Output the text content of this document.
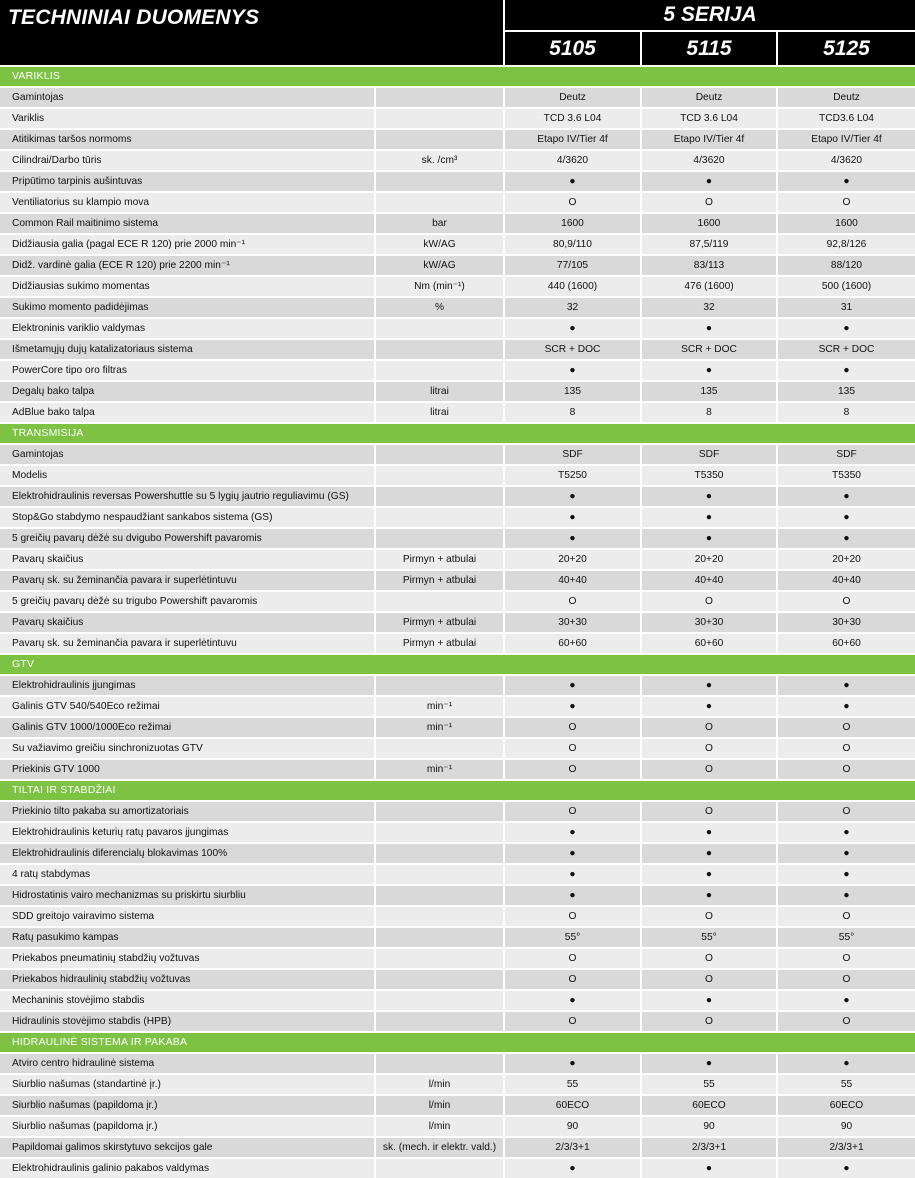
TECHNINIAI DUOMENYS	5 SERIJA
5105	5115	5125
VARIKLIS
Gamintojas	Deutz	Deutz	Deutz
Variklis	TCD 3.6 L04	TCD 3.6 L04	TCD3.6 L04
Atitikimas taršos normoms	Etapo IV/Tier 4f	Etapo IV/Tier 4f	Etapo IV/Tier 4f
Cilindrai/Darbo tūris	sk. /cm³	4/3620	4/3620	4/3620
Pripūtimo tarpinis aušintuvas	●	●	●
Ventiliatorius su klampio mova	O	O	O
Common Rail maitinimo sistema	bar	1600	1600	1600
Didžiausia galia (pagal ECE R 120) prie 2000 min⁻¹	kW/AG	80,9/110	87,5/119	92,8/126
Didž. vardinė galia (ECE R 120) prie 2200 min⁻¹	kW/AG	77/105	83/113	88/120
Didžiausias sukimo momentas	Nm (min⁻¹)	440 (1600)	476 (1600)	500 (1600)
Sukimo momento padidėjimas	%	32	32	31
Elektroninis variklio valdymas	●	●	●
Išmetamųjų dujų katalizatoriaus sistema	SCR + DOC	SCR + DOC	SCR + DOC
PowerCore tipo oro filtras	●	●	●
Degalų bako talpa	litrai	135	135	135
AdBlue bako talpa	litrai	8	8	8
TRANSMISIJA
Gamintojas	SDF	SDF	SDF
Modelis	T5250	T5350	T5350
Elektrohidraulinis reversas Powershuttle su 5 lygių jautrio reguliavimu (GS)	●	●	●
Stop&Go stabdymo nespaudžiant sankabos sistema (GS)	●	●	●
5 greičių pavarų dėžė su dvigubo Powershift pavaromis	●	●	●
Pavarų skaičius	Pirmyn + atbulai	20+20	20+20	20+20
Pavarų sk. su žeminančia pavara ir superlėtintuvu	Pirmyn + atbulai	40+40	40+40	40+40
5 greičių pavarų dėžė su trigubo Powershift pavaromis	O	O	O
Pavarų skaičius	Pirmyn + atbulai	30+30	30+30	30+30
Pavarų sk. su žeminančia pavara ir superlėtintuvu	Pirmyn + atbulai	60+60	60+60	60+60
GTV
Elektrohidraulinis įjungimas	●	●	●
Galinis GTV 540/540Eco režimai	min⁻¹	●	●	●
Galinis GTV 1000/1000Eco režimai	min⁻¹	O	O	O
Su važiavimo greičiu sinchronizuotas GTV	O	O	O
Priekinis GTV 1000	min⁻¹	O	O	O
TILTAI IR STABDŽIAI
Priekinio tilto pakaba su amortizatoriais	O	O	O
Elektrohidraulinis keturių ratų pavaros įjungimas	●	●	●
Elektrohidraulinis diferencialų blokavimas 100%	●	●	●
4 ratų stabdymas	●	●	●
Hidrostatinis vairo mechanizmas su priskirtu siurbliu	●	●	●
SDD greitojo vairavimo sistema	O	O	O
Ratų pasukimo kampas	55°	55°	55°
Priekabos pneumatinių stabdžių vožtuvas	O	O	O
Priekabos hidraulinių stabdžių vožtuvas	O	O	O
Mechaninis stovėjimo stabdis	●	●	●
Hidraulinis stovėjimo stabdis (HPB)	O	O	O
HIDRAULINĖ SISTEMA IR PAKABA
Atviro centro hidraulinė sistema	●	●	●
Siurblio našumas (standartinė įr.)	l/min	55	55	55
Siurblio našumas (papildoma įr.)	l/min	60ECO	60ECO	60ECO
Siurblio našumas (papildoma įr.)	l/min	90	90	90
Papildomai galimos skirstytuvo sekcijos gale	sk. (mech. ir elektr. vald.)	2/3/3+1	2/3/3+1	2/3/3+1
Elektrohidraulinis galinio pakabos valdymas	●	●	●
